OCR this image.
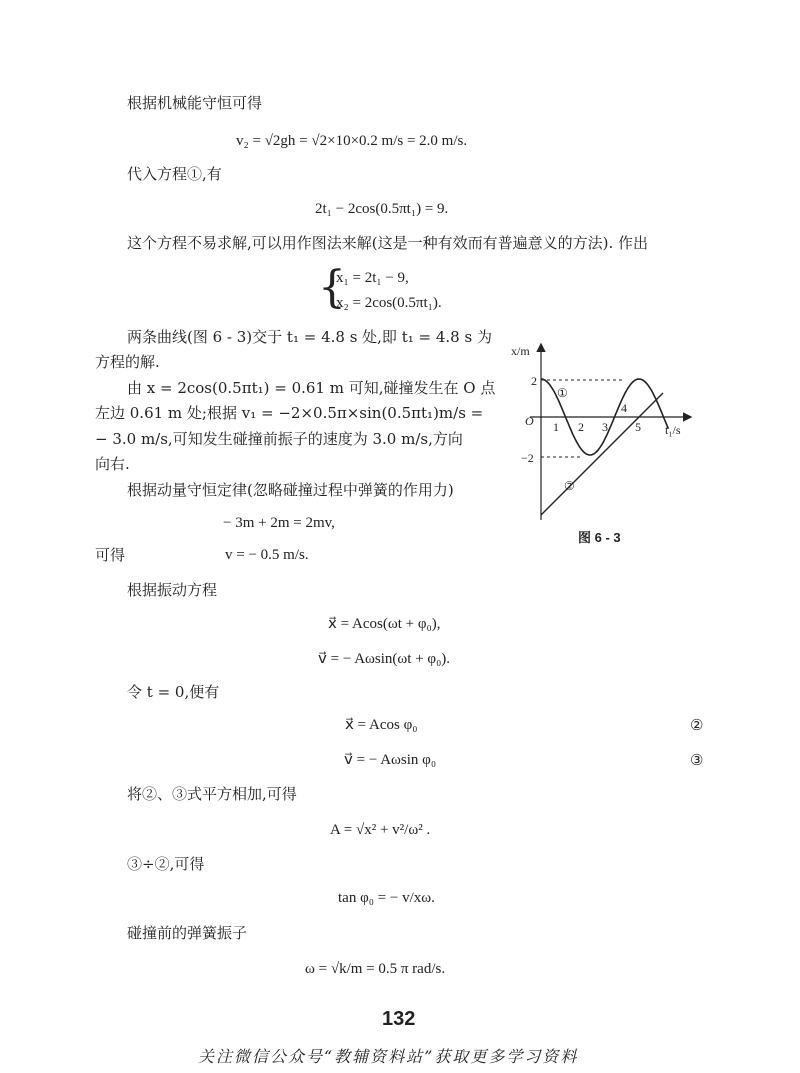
根据机械能守恒可得
v₂ = √2gh = √2×10×0.2 m/s = 2.0 m/s.
代入方程①,有
2t₁ − 2cos(0.5πt₁) = 9.
这个方程不易求解,可以用作图法来解(这是一种有效而有普遍意义的方法). 作出
{
x₁ = 2t₁ − 9,
x₂ = 2cos(0.5πt₁).
两条曲线(图 6 - 3)交于 t₁ = 4.8 s 处,即 t₁ = 4.8 s 为
方程的解.
由 x = 2cos(0.5πt₁) = 0.61 m 可知,碰撞发生在 O 点
左边 0.61 m 处;根据 v₁ = −2×0.5π×sin(0.5πt₁)m/s =
− 3.0 m/s,可知发生碰撞前振子的速度为 3.0 m/s,方向
向右.
根据动量守恒定律(忽略碰撞过程中弹簧的作用力)
− 3m + 2m = 2mv,
可得	v = − 0.5 m/s.
根据振动方程
x⃗ = Acos(ωt + φ₀),
v⃗ = − Aωsin(ωt + φ₀).
令 t = 0,便有
x⃗ = Acos φ₀	②
v⃗ = − Aωsin φ₀	③
将②、③式平方相加,可得
A = √x² + v²/ω² .
③÷②,可得
tan φ₀ = − v/xω.
碰撞前的弹簧振子
ω = √k/m = 0.5 π rad/s.
x/m
t₁/s
O
2
−2
1 2 3
4
5
①
②
图 6 - 3
132
关注微信公众号“教辅资料站”获取更多学习资料
